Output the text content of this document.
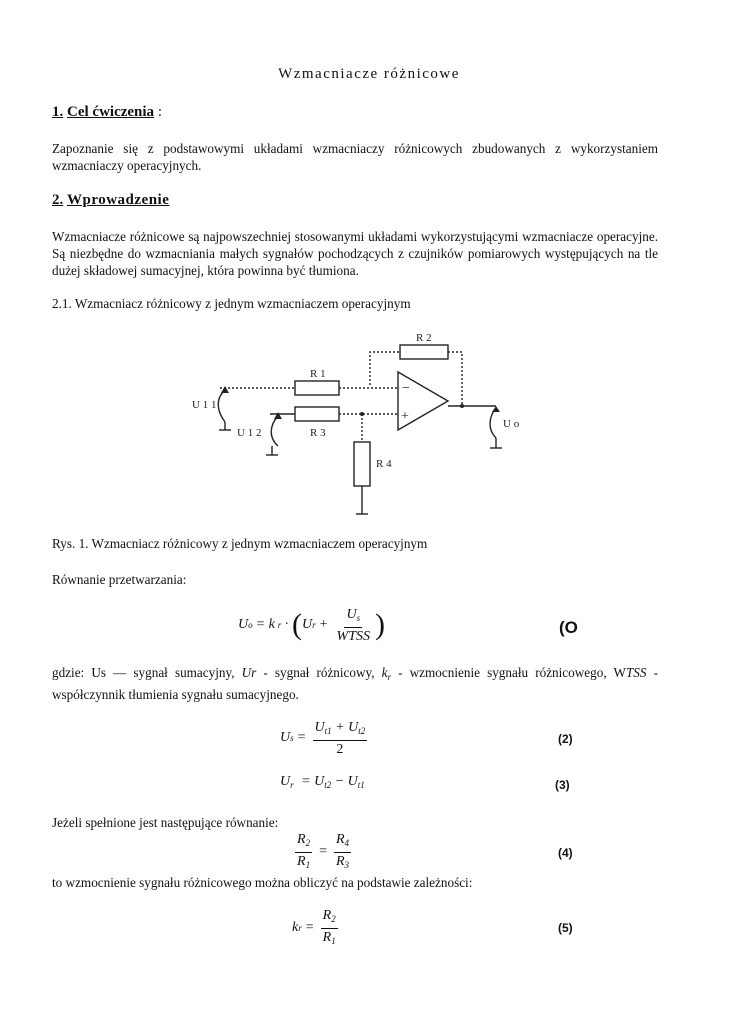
Wzmacniacze różnicowe
1. Cel ćwiczenia :
Zapoznanie się z podstawowymi układami wzmacniaczy różnicowych zbudowanych z wykorzystaniem wzmacniaczy operacyjnych.
2. Wprowadzenie
Wzmacniacze różnicowe są najpowszechniej stosowanymi układami wykorzystującymi wzmacniacze operacyjne. Są niezbędne do wzmacniania małych sygnałów pochodzących z czujników pomiarowych występujących na tle dużej składowej sumacyjnej, która powinna być tłumiona.
2.1. Wzmacniacz różnicowy z jednym wzmacniaczem operacyjnym
R 2
R 1
R 3
R 4
−
+
U 1 1
U 1 2
U o
Rys. 1. Wzmacniacz różnicowy z jednym wzmacniaczem operacyjnym
Równanie przetwarzania:
U o = k r · ( U $r + \frac{U_s}{\text{WTSS}}$ )	(O
gdzie: Us — sygnał sumacyjny, Ur - sygnał różnicowy, $k_r$ - wzmocnienie sygnału różnicowego, WTSS - współczynnik tłumienia sygnału sumacyjnego.
U $s = \frac{U_{t1} + U_{t2}}{2}$	(2)
$U_r = U_{t2} - U_{t1}$	(3)
Jeżeli spełnione jest następujące równanie:
$\frac{R_2}{R_1} = \frac{R_4}{R_3}$	(4)
to wzmocnienie sygnału różnicowego można obliczyć na podstawie zależności:
k $r = \frac{R_2}{R_1}$	(5)
